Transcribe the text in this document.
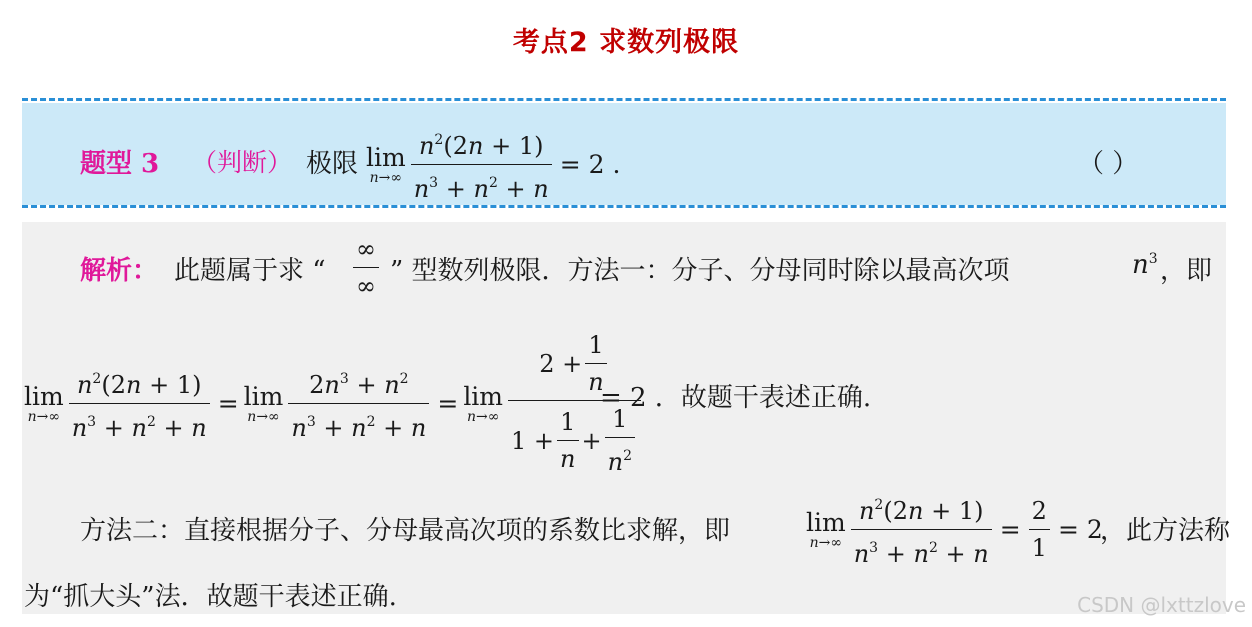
考点2 求数列极限
题型 3 （判断） 极限 lim
$n\to\infty \frac{n^2(2n + 1)}{n^3 + n^2 + n} = 2$ .	（ ）
解析： 此题属于求 “ $\frac{\infty}{\infty}$ ” 型数列极限．方法一：分子、分母同时除以最高次项	$n^3$ ，即
lim
$n\to\infty \frac{n^2(2n + 1)}{n^3 + n^2 + n} = \lim$
$n\to\infty \frac{2n^3 + n^2}{n^3 + n^2 + n} = \lim$
$n\to\infty \frac{2 + \frac{1}{n}}{1 + \frac{1}{n} + \frac{1}{n^2}}$
= 2 ．故题干表述正确.
方法二：直接根据分子、分母最高次项的系数比求解，即	lim
$n\to\infty \frac{n^2(2n + 1)}{n^3 + n^2 + n} = \frac{2}{1} = 2$
，此方法称
为“抓大头”法．故题干表述正确.	CSDN @lxttzlove
